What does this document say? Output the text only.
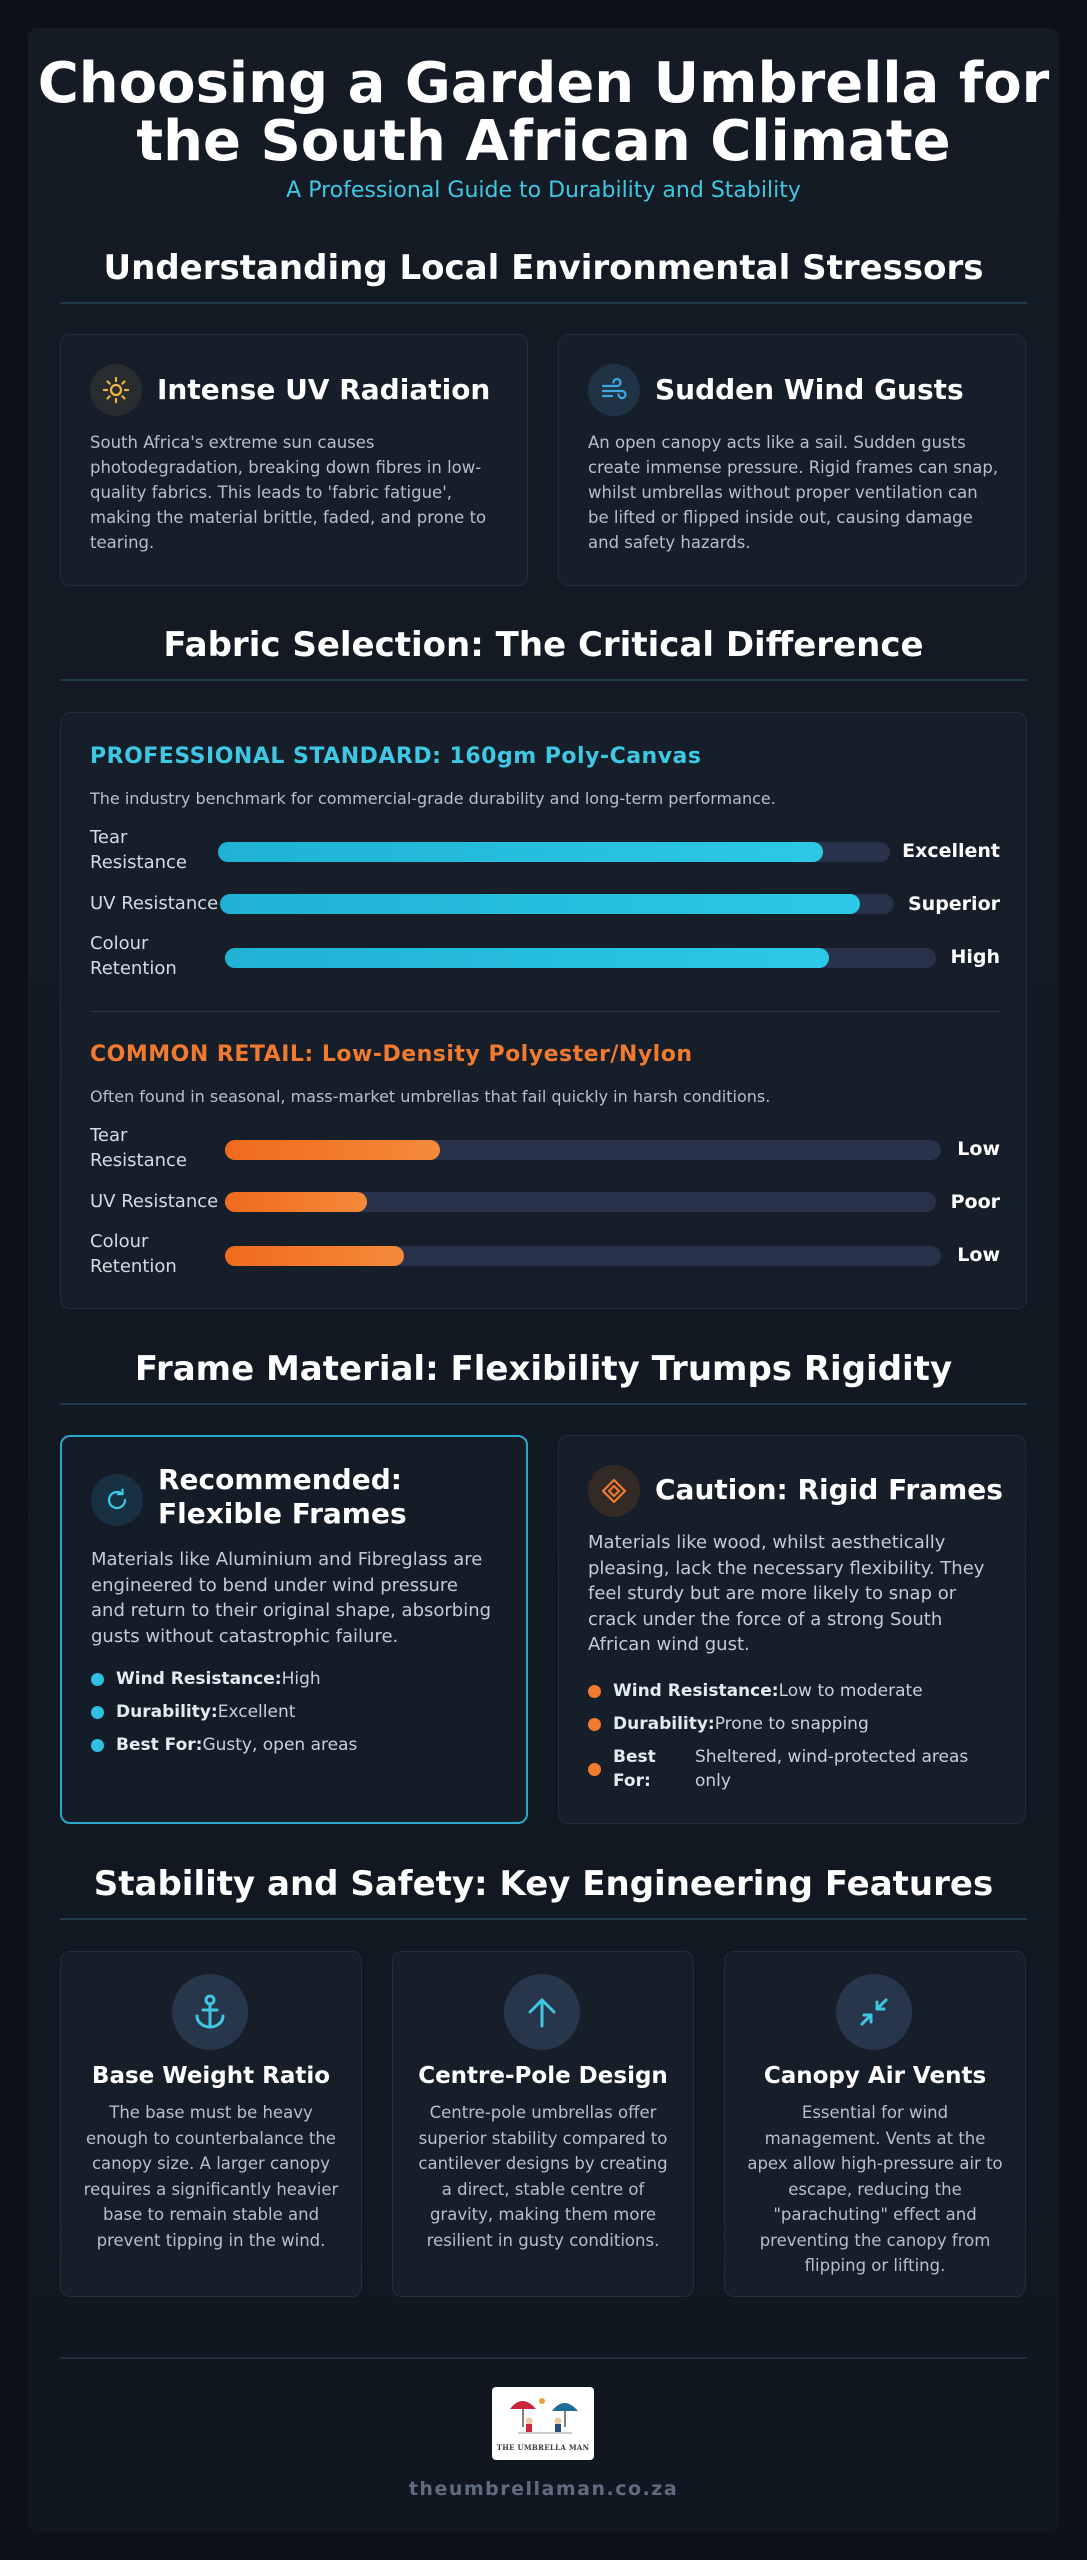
Choosing a Garden Umbrella for
the South African Climate
A Professional Guide to Durability and Stability
Understanding Local Environmental Stressors
Intense UV Radiation
South Africa's extreme sun causes
photodegradation, breaking down fibres in low-
quality fabrics. This leads to 'fabric fatigue',
making the material brittle, faded, and prone to
tearing.
Sudden Wind Gusts
An open canopy acts like a sail. Sudden gusts
create immense pressure. Rigid frames can snap,
whilst umbrellas without proper ventilation can
be lifted or flipped inside out, causing damage
and safety hazards.
Fabric Selection: The Critical Difference
PROFESSIONAL STANDARD: 160gm Poly-Canvas
The industry benchmark for commercial-grade durability and long-term performance.
Tear
Resistance
Excellent
UV Resistance	Superior
Colour
Retention
High
COMMON RETAIL: Low-Density Polyester/Nylon
Often found in seasonal, mass-market umbrellas that fail quickly in harsh conditions.
Tear
Resistance
Low
UV Resistance	Poor
Colour
Retention
Low
Frame Material: Flexibility Trumps Rigidity
Recommended:
Flexible Frames
Materials like Aluminium and Fibreglass are
engineered to bend under wind pressure
and return to their original shape, absorbing
gusts without catastrophic failure.
Wind Resistance:High
Durability:Excellent
Best For:Gusty, open areas
Caution: Rigid Frames
Materials like wood, whilst aesthetically
pleasing, lack the necessary flexibility. They
feel sturdy but are more likely to snap or
crack under the force of a strong South
African wind gust.
Wind Resistance:Low to moderate
Durability:Prone to snapping
Best
For:
Sheltered, wind-protected areas
only
Stability and Safety: Key Engineering Features
Base Weight Ratio
The base must be heavy
enough to counterbalance the
canopy size. A larger canopy
requires a significantly heavier
base to remain stable and
prevent tipping in the wind.
Centre-Pole Design
Centre-pole umbrellas offer
superior stability compared to
cantilever designs by creating
a direct, stable centre of
gravity, making them more
resilient in gusty conditions.
Canopy Air Vents
Essential for wind
management. Vents at the
apex allow high-pressure air to
escape, reducing the
"parachuting" effect and
preventing the canopy from
flipping or lifting.
THE UMBRELLA MAN
theumbrellaman.co.za
